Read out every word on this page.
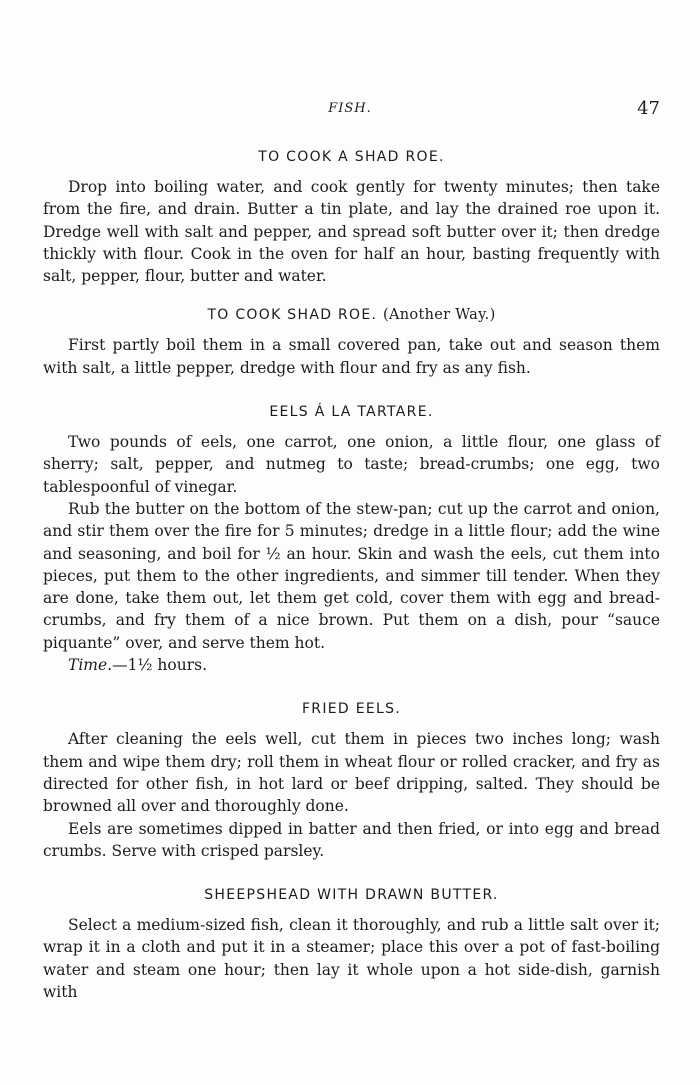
FISH.	47
TO COOK A SHAD ROE.

Drop into boiling water, and cook gently for twenty minutes; then take from the fire, and drain. Butter a tin plate, and lay the drained roe upon it. Dredge well with salt and pepper, and spread soft butter over it; then dredge thickly with flour. Cook in the oven for half an hour, basting frequently with salt, pepper, flour, butter and water.

TO COOK SHAD ROE. (Another Way.)

First partly boil them in a small covered pan, take out and season them with salt, a little pepper, dredge with flour and fry as any fish.

EELS Á LA TARTARE.

Two pounds of eels, one carrot, one onion, a little flour, one glass of sherry; salt, pepper, and nutmeg to taste; bread-crumbs; one egg, two tablespoonful of vinegar.

Rub the butter on the bottom of the stew-pan; cut up the carrot and onion, and stir them over the fire for 5 minutes; dredge in a little flour; add the wine and seasoning, and boil for ½ an hour. Skin and wash the eels, cut them into pieces, put them to the other ingredients, and simmer till tender. When they are done, take them out, let them get cold, cover them with egg and bread-crumbs, and fry them of a nice brown. Put them on a dish, pour “sauce piquante” over, and serve them hot.

Time.—1½ hours.

FRIED EELS.

After cleaning the eels well, cut them in pieces two inches long; wash them and wipe them dry; roll them in wheat flour or rolled cracker, and fry as directed for other fish, in hot lard or beef dripping, salted. They should be browned all over and thoroughly done.

Eels are sometimes dipped in batter and then fried, or into egg and bread crumbs. Serve with crisped parsley.

SHEEPSHEAD WITH DRAWN BUTTER.

Select a medium-sized fish, clean it thoroughly, and rub a little salt over it; wrap it in a cloth and put it in a steamer; place this over a pot of fast-boiling water and steam one hour; then lay it whole upon a hot side-dish, garnish with
